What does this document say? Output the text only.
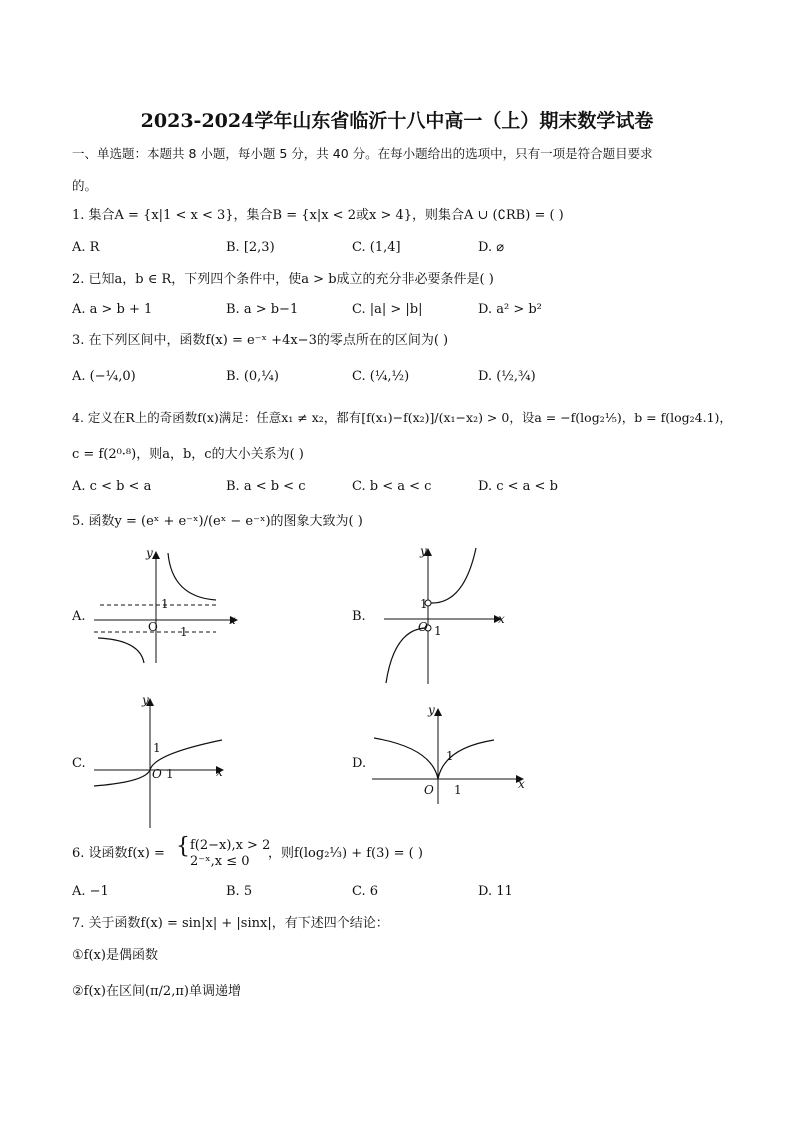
2023-2024学年山东省临沂十八中高一（上）期末数学试卷
一、单选题：本题共 8 小题，每小题 5 分，共 40 分。在每小题给出的选项中，只有一项是符合题目要求
的。
1. 集合A = {x|1 < x < 3}，集合B = {x|x < 2或x > 4}，则集合A ∪ (∁RB) = ( )
A. R	B. [2,3)	C. (1,4]	D. ⌀
2. 已知a，b ∈ R，下列四个条件中，使a > b成立的充分非必要条件是( )
A. a > b + 1	B. a > b−1	C. |a| > |b|	D. a² > b²
3. 在下列区间中，函数f(x) = e⁻ˣ +4x−3的零点所在的区间为( )
A. (−¼,0)	B. (0,¼)	C. (¼,½)	D. (½,¾)
4. 定义在R上的奇函数f(x)满足：任意x₁ ≠ x₂，都有[f(x₁)−f(x₂)]/(x₁−x₂) > 0，设a = −f(log₂⅕)，b = f(log₂4.1)，
c = f(2⁰·⁸)，则a，b，c的大小关系为( )
A. c < b < a	B. a < b < c	C. b < a < c	D. c < a < b
5. 函数y = (eˣ + e⁻ˣ)/(eˣ − e⁻ˣ)的图象大致为( )
A.
y
x
O
1
1
B.
y
x
O
1
1
C.
y
x
O
1
1
D.
y
x
O
1
1
6. 设函数f(x) = { f(2−x),x > 2
2⁻ˣ,x ≤ 0
，则f(log₂⅓) + f(3) = ( )
A. −1	B. 5	C. 6	D. 11
7. 关于函数f(x) = sin|x| + |sinx|，有下述四个结论：
①f(x)是偶函数
②f(x)在区间(π/2,π)单调递增
